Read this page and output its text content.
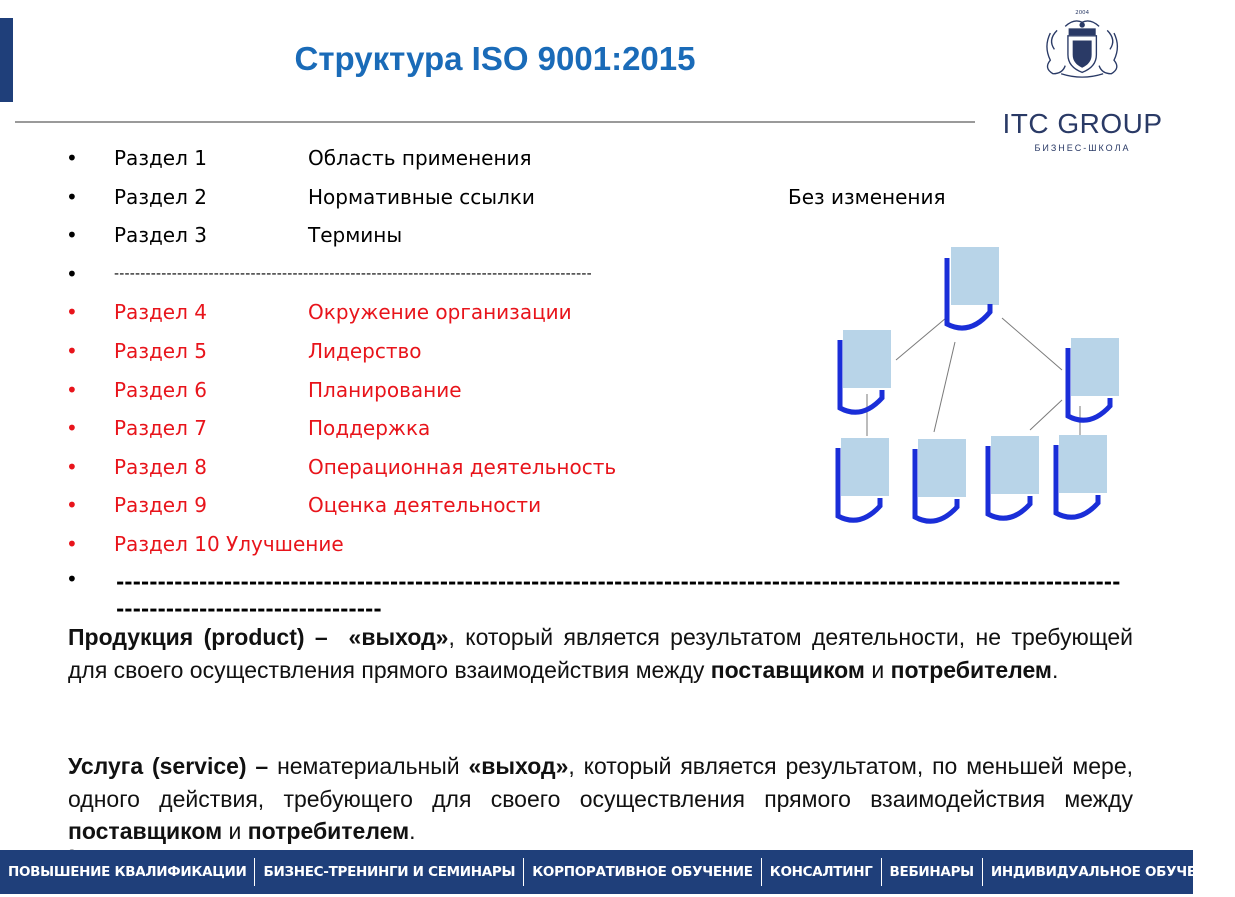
Структура ISO 9001:2015
2004
ITC GROUP
БИЗНЕС-ШКОЛА
•	Раздел 1	Область применения
•	Раздел 2	Нормативные ссылки	Без изменения
•	Раздел 3	Термины
•	-------------------------------------------------------------------------------------------
•	Раздел 4	Окружение организации
•	Раздел 5	Лидерство
•	Раздел 6	Планирование
•	Раздел 7	Поддержка
•	Раздел 8	Операционная деятельность
•	Раздел 9	Оценка деятельности
•	Раздел 10 Улучшение
• ---------------------------------------------------------------------------------------------------------------------------------------------------------

Продукция (product) – «выход», который является результатом деятельности, не требующей для своего осуществления прямого взаимодействия между поставщиком и потребителем.

Услуга (service) – нематериальный «выход», который является результатом, по меньшей мере, одного действия, требующего для своего осуществления прямого взаимодействия между поставщиком и потребителем.

ПОВЫШЕНИЕ КВАЛИФИКАЦИИ	БИЗНЕС-ТРЕНИНГИ И СЕМИНАРЫ	КОРПОРАТИВНОЕ ОБУЧЕНИЕ	КОНСАЛТИНГ	ВЕБИНАРЫ	ИНДИВИДУАЛЬНОЕ ОБУЧЕНИЕ
